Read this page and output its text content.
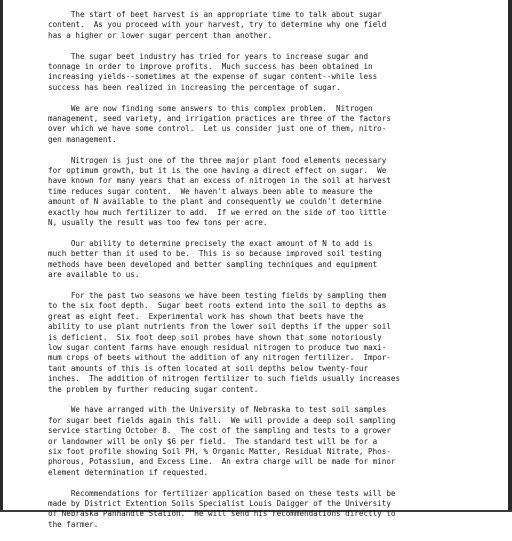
The start of beet harvest is an appropriate time to talk about sugar
content.  As you proceed with your harvest, try to determine why one field
has a higher or lower sugar percent than another.
The sugar beet industry has tried for years to increase sugar and
tonnage in order to improve profits.  Much success has been obtained in
increasing yields--sometimes at the expense of sugar content--while less
success has been realized in increasing the percentage of sugar.
We are now finding some answers to this complex problem.  Nitrogen
management, seed variety, and irrigation practices are three of the factors
over which we have some control.  Let us consider just one of them, nitro-
gen management.
Nitrogen is just one of the three major plant food elements necessary
for optimum growth, but it is the one having a direct effect on sugar.  We
have known for many years that an excess of nitrogen in the soil at harvest
time reduces sugar content.  We haven't always been able to measure the
amount of N available to the plant and consequently we couldn't determine
exactly how much fertilizer to add.  If we erred on the side of too little
N, usually the result was too few tons per acre.
Our ability to determine precisely the exact amount of N to add is
much better than it used to be.  This is so because improved soil testing
methods have been developed and better sampling techniques and equipment
are available to us.
For the past two seasons we have been testing fields by sampling them
to the six foot depth.  Sugar beet roots extend into the soil to depths as
great as eight feet.  Experimental work has shown that beets have the
ability to use plant nutrients from the lower soil depths if the upper soil
is deficient.  Six foot deep soil probes have shown that some notoriously
low sugar content farms have enough residual nitrogen to produce two maxi-
mum crops of beets without the addition of any nitrogen fertilizer.  Impor-
tant amounts of this is often located at soil depths below twenty-four
inches.  The addition of nitrogen fertilizer to such fields usually increases
the problem by further reducing sugar content.
We have arranged with the University of Nebraska to test soil samples
for sugar beet fields again this fall.  We will provide a deep soil sampling
service starting October 8.  The cost of the sampling and tests to a grower
or landowner will be only $6 per field.  The standard test will be for a
six foot profile showing Soil PH, % Organic Matter, Residual Nitrate, Phos-
phorous, Potassium, and Excess Lime.  An extra charge will be made for minor
element determination if requested.
Recommendations for fertilizer application based on these tests will be
made by District Extention Soils Specialist Louis Daigger of the University
of Nebraska Panhandle Station.  He will send his recommendations directly to
the farmer.
